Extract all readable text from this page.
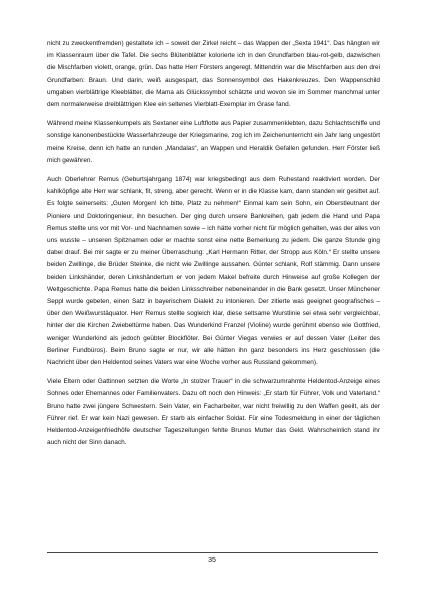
nicht zu zweckentfremden) gestaltete ich – soweit der Zirkel reicht – das Wappen der „Sexta 1941“. Das hängten wir im Klassenraum über die Tafel. Die sechs Blütenblätter kolorierte ich in den Grundfarben blau-rot-gelb, dazwischen die Mischfarben violett, orange, grün. Das hatte Herr Försters angeregt. Mittendrin war die Mischfarben aus den drei Grundfarben: Braun. Und darin, weiß ausgespart, das Sonnensymbol des Hakenkreuzes. Den Wappenschild umgaben vierblättrige Kleeblätter, die Mama als Glückssymbol schätzte und wovon sie im Sommer manchmal unter dem normalerweise dreiblättrigen Klee ein seltenes Vierblatt-Exemplar im Grase fand.

Während meine Klassenkumpels als Sextaner eine Luftflotte aus Papier zusammenklebten, dazu Schlachtschiffe und sonstige kanonenbestückte Wasserfahrzeuge der Kriegsmarine, zog ich im Zeichenunterricht ein Jahr lang ungestört meine Kreise, denn ich hatte an runden „Mandalas“, an Wappen und Heraldik Gefallen gefunden. Herr Förster ließ mich gewähren.

Auch Oberlehrer Remus (Geburtsjahrgang 1874) war kriegsbedingt aus dem Ruhestand reaktiviert worden. Der kahlköpfige alte Herr war schlank, fit, streng, aber gerecht. Wenn er in die Klasse kam, dann standen wir gesittet auf. Es folgte seinerseits: „Guten Morgen! Ich bitte, Platz zu nehmen!“ Einmal kam sein Sohn, ein Oberstleutnant der Pioniere und Doktoringenieur, ihn besuchen. Der ging durch unsere Bankreihen, gab jedem die Hand und Papa Remus stellte uns vor mit Vor- und Nachnamen sowie – ich hätte vorher nicht für möglich gehalten, was der alles von uns wusste – unseren Spitznamen oder er machte sonst eine nette Bemerkung zu jedem. Die ganze Stunde ging dabei drauf. Bei mir sagte er zu meiner Überraschung: „Karl Hermann Ritter, der Stropp aus Köln.“ Er stellte unsere beiden Zwillinge, die Brüder Steinke, die nicht wie Zwillinge aussahen. Günter schlank, Rolf stämmig. Dann unsere beiden Linkshänder, deren Linkshändertum er von jedem Makel befreite durch Hinweise auf große Kollegen der Weltgeschichte. Papa Remus hatte die beiden Linksschreiber nebeneinander in die Bank gesetzt. Unser Münchener Seppl wurde gebeten, einen Satz in bayerischem Dialekt zu intonieren. Der zitierte was geeignet geografisches – über den Weißwurstäquator. Herr Remus stellte sogleich klar, diese seltsame Wurstlinie sei etwa sehr vergleichbar, hinter der die Kirchen Zwiebeltürme haben. Das Wunderkind Franzel (Violine) wurde gerühmt ebenso wie Gottfried, weniger Wunderkind als jedoch geübter Blockflöter. Bei Günter Viegas verwies er auf dessen Vater (Leiter des Berliner Fundbüros). Beim Bruno sagte er nur, wir alle hätten ihn ganz besonders ins Herz geschlossen (die Nachricht über den Heldentod seines Vaters war eine Woche vorher aus Russland gekommen).

Viele Eltern oder Gattinnen setzten die Worte „In stolzer Trauer“ in die schwarzumrahmte Heldentod-Anzeige eines Sohnes oder Ehemannes oder Familienvaters. Dazu oft noch den Hinweis: „Er starb für Führer, Volk und Vaterland.“ Bruno hatte zwei jüngere Schwestern. Sein Vater, ein Facharbeiter, war nicht freiwillig zu den Waffen geeilt, als der Führer rief. Er war kein Nazi gewesen. Er starb als einfacher Soldat. Für eine Todesmeldung in einer der täglichen Heldentod-Anzeigenfriedhöfe deutscher Tageszeitungen fehlte Brunos Mutter das Geld. Wahrscheinlich stand ihr auch nicht der Sinn danach.

35
